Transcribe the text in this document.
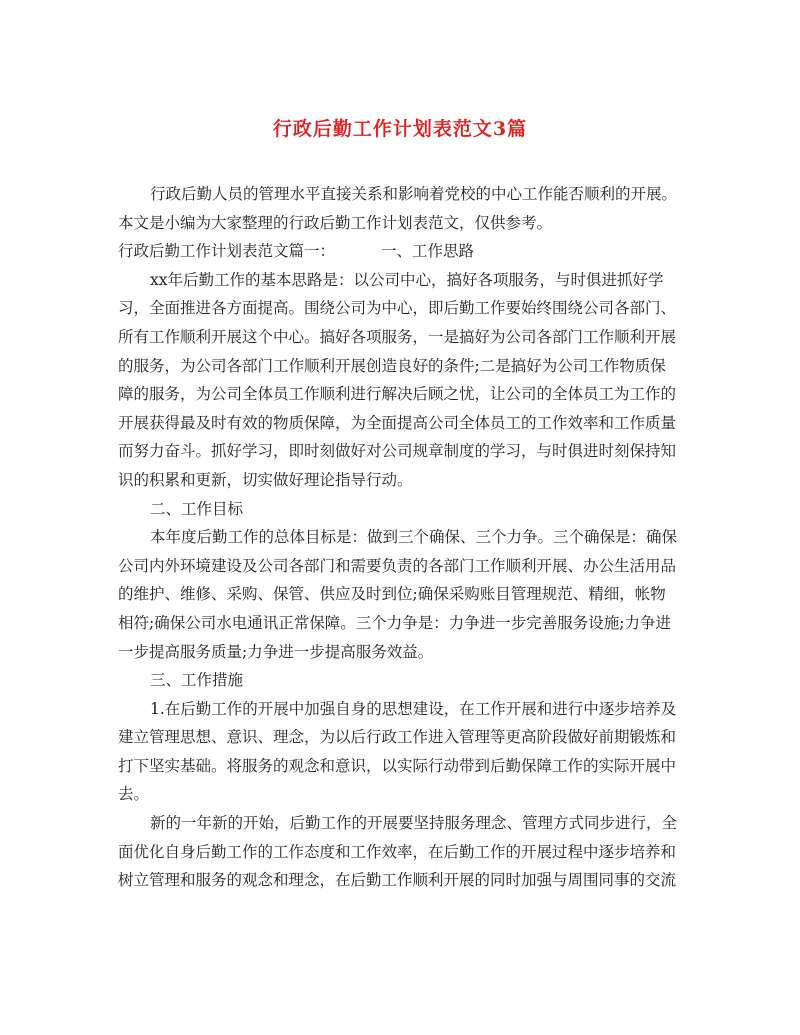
行政后勤工作计划表范文3篇
行政后勤人员的管理水平直接关系和影响着党校的中心工作能否顺利的开展。
本文是小编为大家整理的行政后勤工作计划表范文，仅供参考。
行政后勤工作计划表范文篇一：	一、工作思路
xx年后勤工作的基本思路是：以公司中心，搞好各项服务，与时俱进抓好学
习，全面推进各方面提高。围绕公司为中心，即后勤工作要始终围绕公司各部门、
所有工作顺利开展这个中心。搞好各项服务，一是搞好为公司各部门工作顺利开展
的服务，为公司各部门工作顺利开展创造良好的条件;二是搞好为公司工作物质保
障的服务，为公司全体员工作顺利进行解决后顾之忧，让公司的全体员工为工作的
开展获得最及时有效的物质保障，为全面提高公司全体员工的工作效率和工作质量
而努力奋斗。抓好学习，即时刻做好对公司规章制度的学习，与时俱进时刻保持知
识的积累和更新，切实做好理论指导行动。
二、工作目标
本年度后勤工作的总体目标是：做到三个确保、三个力争。三个确保是：确保
公司内外环境建设及公司各部门和需要负责的各部门工作顺利开展、办公生活用品
的维护、维修、采购、保管、供应及时到位;确保采购账目管理规范、精细，帐物
相符;确保公司水电通讯正常保障。三个力争是：力争进一步完善服务设施;力争进
一步提高服务质量;力争进一步提高服务效益。
三、工作措施
1.在后勤工作的开展中加强自身的思想建设，在工作开展和进行中逐步培养及
建立管理思想、意识、理念，为以后行政工作进入管理等更高阶段做好前期锻炼和
打下坚实基础。将服务的观念和意识，以实际行动带到后勤保障工作的实际开展中
去。
新的一年新的开始，后勤工作的开展要坚持服务理念、管理方式同步进行，全
面优化自身后勤工作的工作态度和工作效率，在后勤工作的开展过程中逐步培养和
树立管理和服务的观念和理念，在后勤工作顺利开展的同时加强与周围同事的交流
